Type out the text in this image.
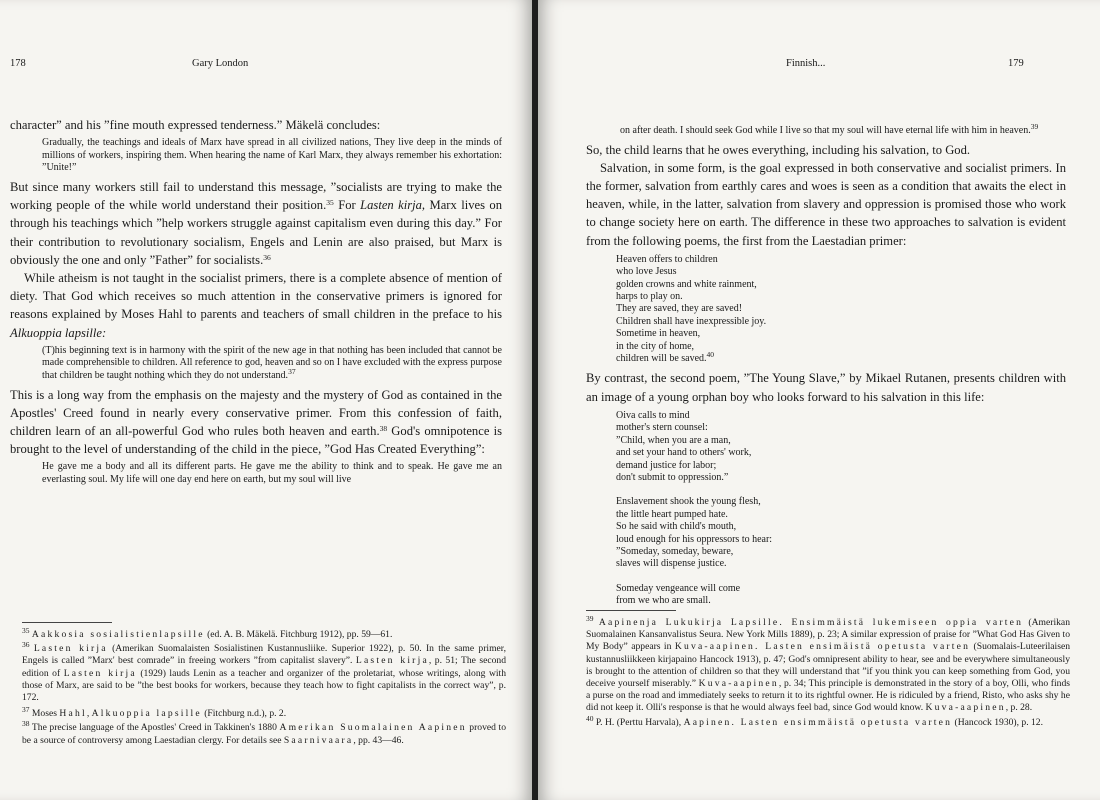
178	Gary London

character” and his ”fine mouth expressed tenderness.” Mäkelä concludes:

Gradually, the teachings and ideals of Marx have spread in all civilized nations, They live deep in the minds of millions of workers, inspiring them. When hearing the name of Karl Marx, they always remember his exhortation: ”Unite!”

But since many workers still fail to understand this message, ”socialists are trying to make the working people of the while world understand their position.$^{35}$ For Lasten kirja, Marx lives on through his teachings which ”help workers struggle against capitalism even during this day.” For their contribution to revolutionary socialism, Engels and Lenin are also praised, but Marx is obviously the one and only ”Father” for socialists.$^{36}$

While atheism is not taught in the socialist primers, there is a complete absence of mention of diety. That God which receives so much attention in the conservative primers is ignored for reasons explained by Moses Hahl to parents and teachers of small children in the preface to his Alkuoppia lapsille:

(T)his beginning text is in harmony with the spirit of the new age in that nothing has been included that cannot be made comprehensible to children. All reference to god, heaven and so on I have excluded with the express purpose that children be taught nothing which they do not understand.$^{37}$

This is a long way from the emphasis on the majesty and the mystery of God as contained in the Apostles' Creed found in nearly every conservative primer. From this confession of faith, children learn of an all-powerful God who rules both heaven and earth.$^{38}$ God's omnipotence is brought to the level of understanding of the child in the piece, ”God Has Created Everything”:

He gave me a body and all its different parts. He gave me the ability to think and to speak. He gave me an everlasting soul. My life will one day end here on earth, but my soul will live

$^{35}$ Aakkosia sosialistienlapsille (ed. A. B. Mäkelä. Fitchburg 1912), pp. 59—61.

$^{36}$ Lasten kirja (Amerikan Suomalaisten Sosialistinen Kustannusliike. Superior 1922), p. 50. In the same primer, Engels is called ”Marx' best comrade” in freeing workers ”from capitalist slavery”. Lasten kirja, p. 51; The second edition of Lasten kirja (1929) lauds Lenin as a teacher and organizer of the proletariat, whose writings, along with those of Marx, are said to be ”the best books for workers, because they teach how to fight capitalists in the correct way”, p. 172.

$^{37}$ Moses Hahl, Alkuoppia lapsille (Fitchburg n.d.), p. 2.

$^{38}$ The precise language of the Apostles' Creed in Takkinen's 1880 Amerikan Suomalainen Aapinen proved to be a source of controversy among Laestadian clergy. For details see Saarnivaara, pp. 43—46.

Finnish...	179

on after death. I should seek God while I live so that my soul will have eternal life with him in heaven.$^{39}$

So, the child learns that he owes everything, including his salvation, to God.

Salvation, in some form, is the goal expressed in both conservative and socialist primers. In the former, salvation from earthly cares and woes is seen as a condition that awaits the elect in heaven, while, in the latter, salvation from slavery and oppression is promised those who work to change society here on earth. The difference in these two approaches to salvation is evident from the following poems, the first from the Laestadian primer:

Heaven offers to children
who love Jesus
golden crowns and white rainment,
harps to play on.
They are saved, they are saved!
Children shall have inexpressible joy.
Sometime in heaven,
in the city of home,
children will be saved.$^{40}$

By contrast, the second poem, ”The Young Slave,” by Mikael Rutanen, presents children with an image of a young orphan boy who looks forward to his salvation in this life:

Oiva calls to mind
mother's stern counsel:
”Child, when you are a man,
and set your hand to others' work,
demand justice for labor;
don't submit to oppression.”

Enslavement shook the young flesh,
the little heart pumped hate.
So he said with child's mouth,
loud enough for his oppressors to hear:
”Someday, someday, beware,
slaves will dispense justice.

Someday vengeance will come
from we who are small.

$^{39}$ Aapinenja Lukukirja Lapsille. Ensimmäistä lukemiseen oppia varten (Amerikan Suomalainen Kansanvalistus Seura. New York Mills 1889), p. 23; A similar expression of praise for ”What God Has Given to My Body” appears in Kuva-aapinen. Lasten ensimäistä opetusta varten (Suomalais-Luteerilaisen kustannusliikkeen kirjapaino Hancock 1913), p. 47; God's omnipresent ability to hear, see and be everywhere simultaneously is brought to the attention of children so that they will understand that ”if you think you can keep something from God, you deceive yourself miserably.” Kuva-aapinen, p. 34; This principle is demonstrated in the story of a boy, Olli, who finds a purse on the road and immediately seeks to return it to its rightful owner. He is ridiculed by a friend, Risto, who asks shy he did not keep it. Olli's response is that he would always feel bad, since God would know. Kuva-aapinen, p. 28.

$^{40}$ P. H. (Perttu Harvala), Aapinen. Lasten ensimmäistä opetusta varten (Hancock 1930), p. 12.
